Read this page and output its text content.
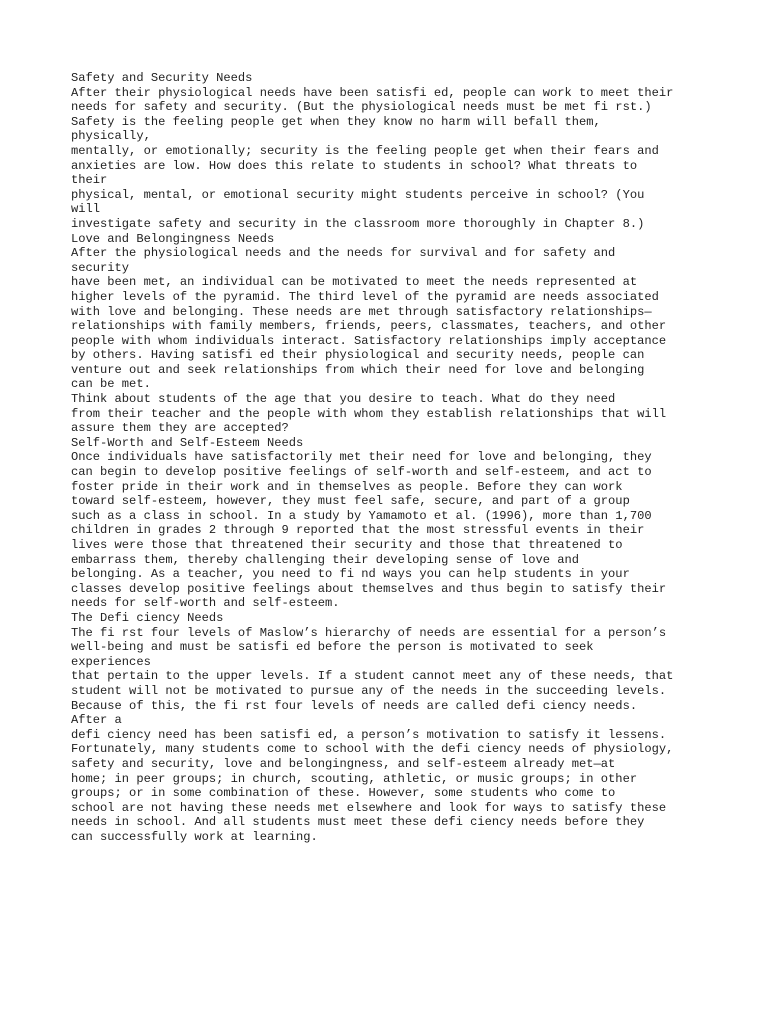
Safety and Security Needs
After their physiological needs have been satisfi ed, people can work to meet their
needs for safety and security. (But the physiological needs must be met fi rst.)
Safety is the feeling people get when they know no harm will befall them,
physically,
mentally, or emotionally; security is the feeling people get when their fears and
anxieties are low. How does this relate to students in school? What threats to
their
physical, mental, or emotional security might students perceive in school? (You
will
investigate safety and security in the classroom more thoroughly in Chapter 8.)
Love and Belongingness Needs
After the physiological needs and the needs for survival and for safety and
security
have been met, an individual can be motivated to meet the needs represented at
higher levels of the pyramid. The third level of the pyramid are needs associated
with love and belonging. These needs are met through satisfactory relationships—
relationships with family members, friends, peers, classmates, teachers, and other
people with whom individuals interact. Satisfactory relationships imply acceptance
by others. Having satisfi ed their physiological and security needs, people can
venture out and seek relationships from which their need for love and belonging
can be met.
Think about students of the age that you desire to teach. What do they need
from their teacher and the people with whom they establish relationships that will
assure them they are accepted?
Self-Worth and Self-Esteem Needs
Once individuals have satisfactorily met their need for love and belonging, they
can begin to develop positive feelings of self-worth and self-esteem, and act to
foster pride in their work and in themselves as people. Before they can work
toward self-esteem, however, they must feel safe, secure, and part of a group
such as a class in school. In a study by Yamamoto et al. (1996), more than 1,700
children in grades 2 through 9 reported that the most stressful events in their
lives were those that threatened their security and those that threatened to
embarrass them, thereby challenging their developing sense of love and
belonging. As a teacher, you need to fi nd ways you can help students in your
classes develop positive feelings about themselves and thus begin to satisfy their
needs for self-worth and self-esteem.
The Defi ciency Needs
The fi rst four levels of Maslow’s hierarchy of needs are essential for a person’s
well-being and must be satisfi ed before the person is motivated to seek
experiences
that pertain to the upper levels. If a student cannot meet any of these needs, that
student will not be motivated to pursue any of the needs in the succeeding levels.
Because of this, the fi rst four levels of needs are called defi ciency needs.
After a
defi ciency need has been satisfi ed, a person’s motivation to satisfy it lessens.
Fortunately, many students come to school with the defi ciency needs of physiology,
safety and security, love and belongingness, and self-esteem already met—at
home; in peer groups; in church, scouting, athletic, or music groups; in other
groups; or in some combination of these. However, some students who come to
school are not having these needs met elsewhere and look for ways to satisfy these
needs in school. And all students must meet these defi ciency needs before they
can successfully work at learning.
